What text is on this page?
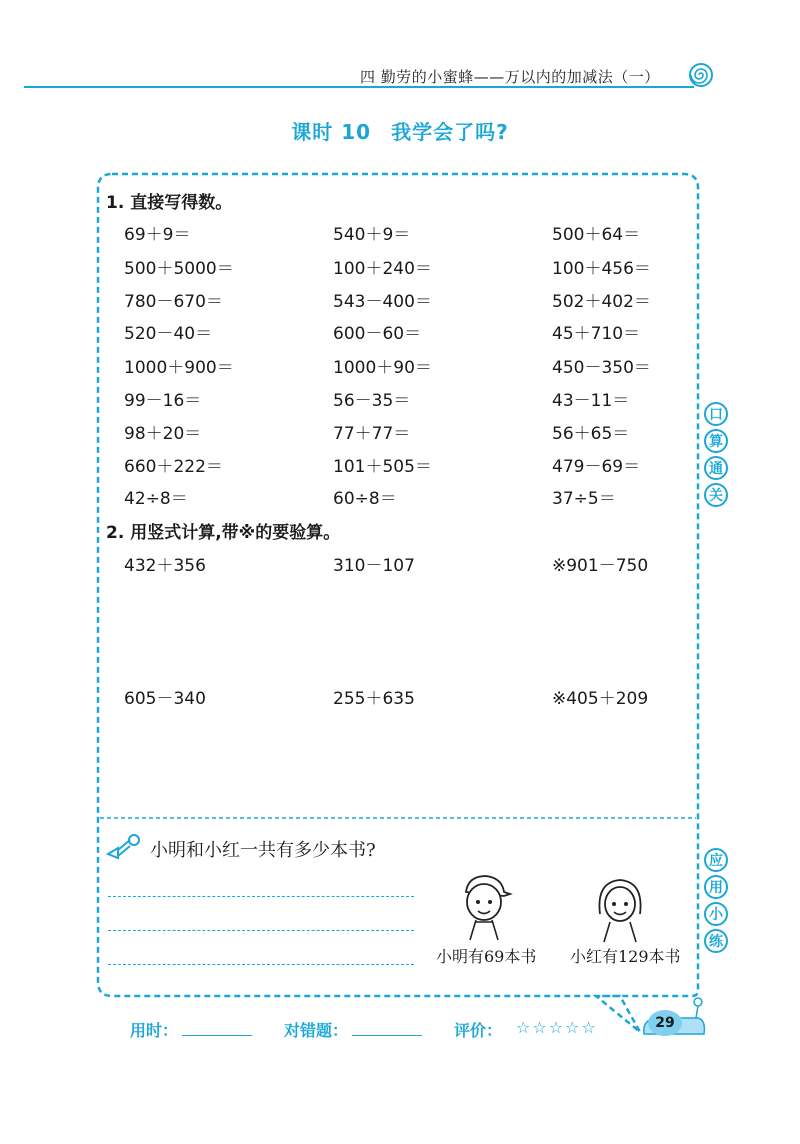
四 勤劳的小蜜蜂——万以内的加减法（一）
课时 10 我学会了吗?
1. 直接写得数。
69＋9＝	540＋9＝	500＋64＝
500＋5000＝	100＋240＝	100＋456＝
780－670＝	543－400＝	502＋402＝
520－40＝	600－60＝	45＋710＝
1000＋900＝	1000＋90＝	450－350＝
99－16＝	56－35＝	43－11＝
98＋20＝	77＋77＝	56＋65＝
660＋222＝	101＋505＝	479－69＝
42÷8＝	60÷8＝	37÷5＝
2. 用竖式计算,带※的要验算。
432＋356	310－107	※901－750
605－340	255＋635	※405＋209
口
算
通
关
应
用
小
练
小明和小红一共有多少本书?
小明有69本书 小红有129本书
用时：	对错题：	评价： ☆☆☆☆☆	29
